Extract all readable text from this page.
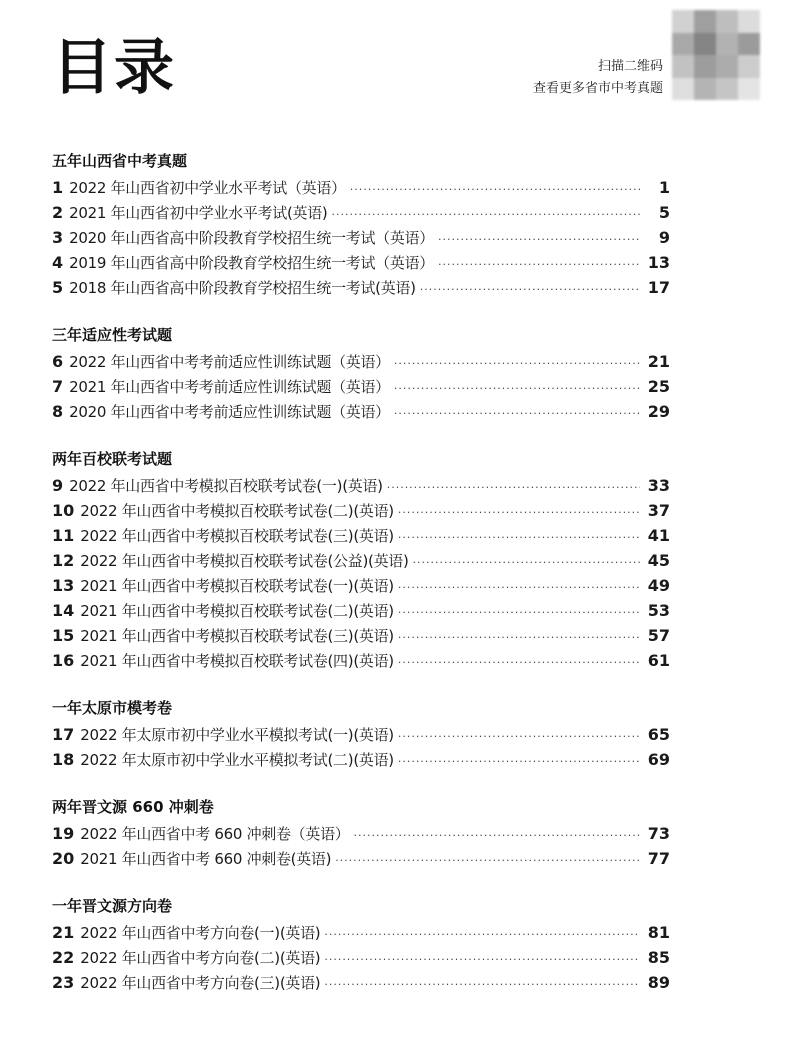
目录	扫描二维码
查看更多省市中考真题
五年山西省中考真题
1 2022 年山西省初中学业水平考试（英语） ·····	1
2 2021 年山西省初中学业水平考试(英语) ·····	5
3 2020 年山西省高中阶段教育学校招生统一考试（英语） ·····	9
4 2019 年山西省高中阶段教育学校招生统一考试（英语） ·····	13
5 2018 年山西省高中阶段教育学校招生统一考试(英语) ·····	17
三年适应性考试题
6 2022 年山西省中考考前适应性训练试题（英语） ·····	21
7 2021 年山西省中考考前适应性训练试题（英语） ·····	25
8 2020 年山西省中考考前适应性训练试题（英语） ·····	29
两年百校联考试题
9 2022 年山西省中考模拟百校联考试卷(一)(英语) ·····	33
10 2022 年山西省中考模拟百校联考试卷(二)(英语) ·····	37
11 2022 年山西省中考模拟百校联考试卷(三)(英语) ·····	41
12 2022 年山西省中考模拟百校联考试卷(公益)(英语) ·····	45
13 2021 年山西省中考模拟百校联考试卷(一)(英语) ·····	49
14 2021 年山西省中考模拟百校联考试卷(二)(英语) ·····	53
15 2021 年山西省中考模拟百校联考试卷(三)(英语) ·····	57
16 2021 年山西省中考模拟百校联考试卷(四)(英语) ·····	61
一年太原市模考卷
17 2022 年太原市初中学业水平模拟考试(一)(英语) ·····	65
18 2022 年太原市初中学业水平模拟考试(二)(英语) ·····	69
两年晋文源 660 冲刺卷
19 2022 年山西省中考 660 冲刺卷（英语） ·····	73
20 2021 年山西省中考 660 冲刺卷(英语) ·····	77
一年晋文源方向卷
21 2022 年山西省中考方向卷(一)(英语) ·····	81
22 2022 年山西省中考方向卷(二)(英语) ·····	85
23 2022 年山西省中考方向卷(三)(英语) ·····	89
